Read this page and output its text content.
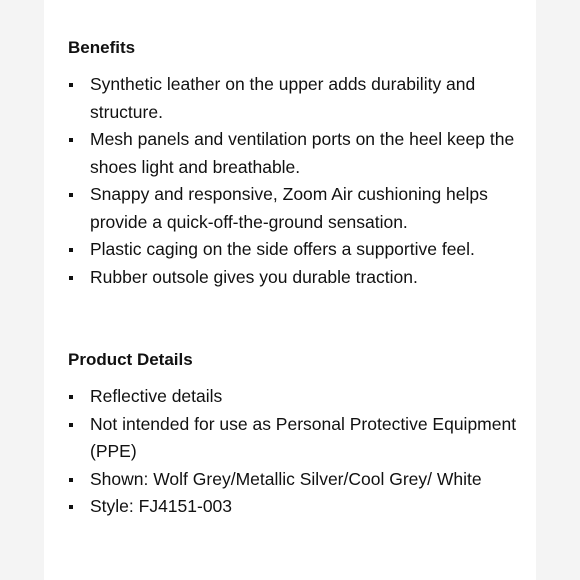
Benefits
Synthetic leather on the upper adds durability and structure.
Mesh panels and ventilation ports on the heel keep the shoes light and breathable.
Snappy and responsive, Zoom Air cushioning helps provide a quick-off-the-ground sensation.
Plastic caging on the side offers a supportive feel.
Rubber outsole gives you durable traction.
Product Details
Reflective details
Not intended for use as Personal Protective Equipment (PPE)
Shown: Wolf Grey/Metallic Silver/Cool Grey/ White
Style: FJ4151-003
